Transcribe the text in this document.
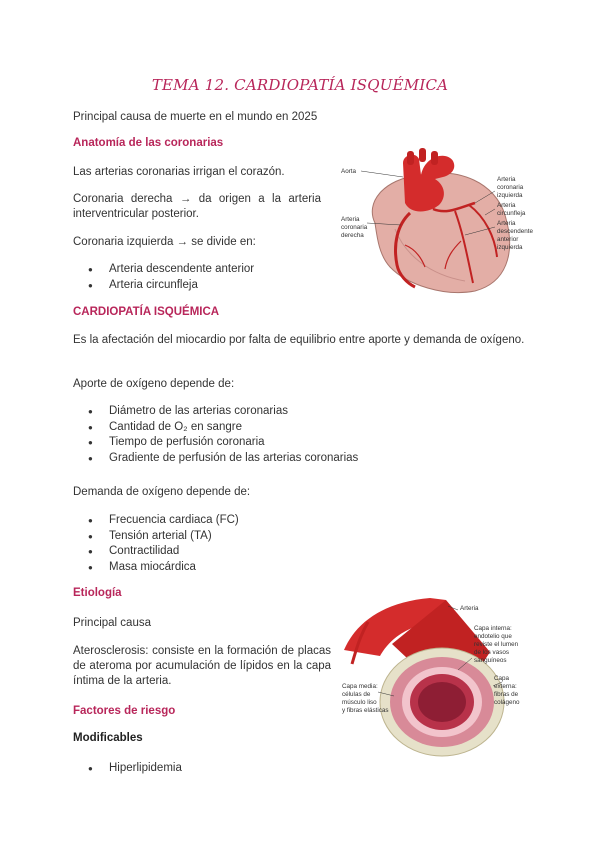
TEMA 12. CARDIOPATÍA ISQUÉMICA

Principal causa de muerte en el mundo en 2025

Anatomía de las coronarias

Las arterias coronarias irrigan el corazón.

Coronaria derecha → da origen a la arteria interventricular posterior.

Coronaria izquierda → se divide en:

● Arteria descendente anterior
● Arteria circunfleja
Aorta
Arteria coronaria derecha
Arteria coronaria izquierda
Arteria circunfleja
Arteria descendente anterior izquierda

CARDIOPATÍA ISQUÉMICA

Es la afectación del miocardio por falta de equilibrio entre aporte y demanda de oxígeno.

Aporte de oxígeno depende de:

● Diámetro de las arterias coronarias
● Cantidad de O₂ en sangre
● Tiempo de perfusión coronaria
● Gradiente de perfusión de las arterias coronarias

Demanda de oxígeno depende de:

● Frecuencia cardiaca (FC)
● Tensión arterial (TA)
● Contractilidad
● Masa miocárdica

Etiología

Principal causa

Aterosclerosis: consiste en la formación de placas de ateroma por acumulación de lípidos en la capa íntima de la arteria.

Factores de riesgo

Modificables

● Hiperlipidemia
Arteria
Capa interna: endotelio que reviste el lumen de los vasos sanguíneos
Capa externa: fibras de colágeno
Capa media: células de músculo liso y fibras elásticas
